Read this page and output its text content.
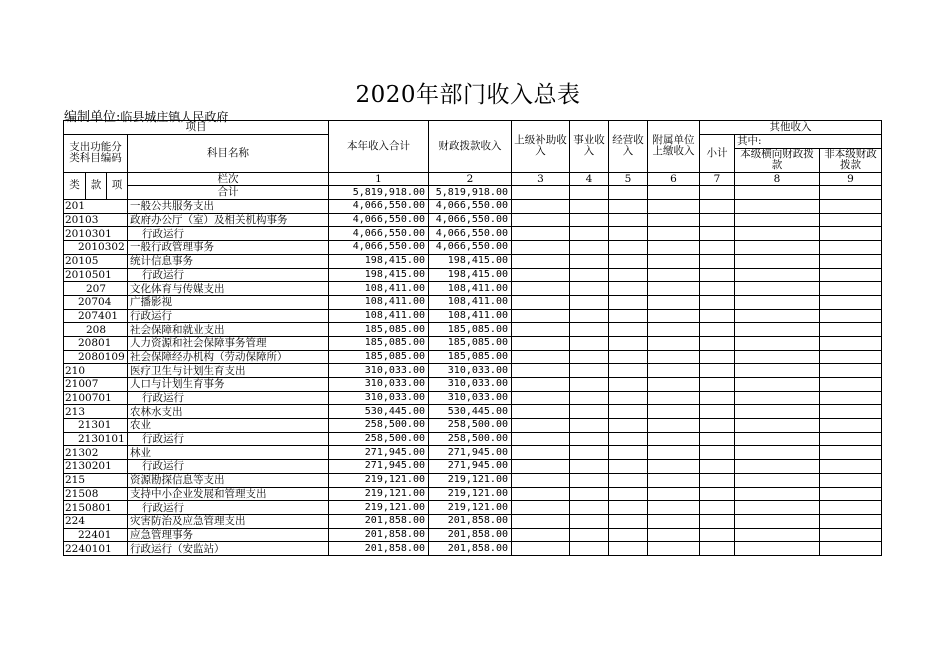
2020年部门收入总表
编制单位:临县城庄镇人民政府
项目				本年收入合计	财政拨款收入	上级补助收入	事业收入	经营收入	附属单位上缴收入	其他收入		
支出功能分类科目编码			科目名称							小计	其中:	
											本级横向财政拨款	非本级财政拨款
类	款	项	栏次	1	2	3	4	5	6	7	8	9
			合计	5,819,918.00	5,819,918.00							
201			一般公共服务支出	4,066,550.00	4,066,550.00							
20103			政府办公厅（室）及相关机构事务	4,066,550.00	4,066,550.00							
2010301			行政运行	4,066,550.00	4,066,550.00							
2010302			一般行政管理事务	4,066,550.00	4,066,550.00							
20105			统计信息事务	198,415.00	198,415.00							
2010501			行政运行	198,415.00	198,415.00							
207			文化体育与传媒支出	108,411.00	108,411.00							
20704			广播影视	108,411.00	108,411.00							
207401			行政运行	108,411.00	108,411.00							
208			社会保障和就业支出	185,085.00	185,085.00							
20801			人力资源和社会保障事务管理	185,085.00	185,085.00							
2080109			社会保障经办机构（劳动保障所）	185,085.00	185,085.00							
210			医疗卫生与计划生育支出	310,033.00	310,033.00							
21007			人口与计划生育事务	310,033.00	310,033.00							
2100701			行政运行	310,033.00	310,033.00							
213			农林水支出	530,445.00	530,445.00							
21301			农业	258,500.00	258,500.00							
2130101			行政运行	258,500.00	258,500.00							
21302			林业	271,945.00	271,945.00							
2130201			行政运行	271,945.00	271,945.00							
215			资源勘探信息等支出	219,121.00	219,121.00							
21508			支持中小企业发展和管理支出	219,121.00	219,121.00							
2150801			行政运行	219,121.00	219,121.00							
224			灾害防治及应急管理支出	201,858.00	201,858.00							
22401			应急管理事务	201,858.00	201,858.00							
2240101			行政运行（安监站）	201,858.00	201,858.00							
